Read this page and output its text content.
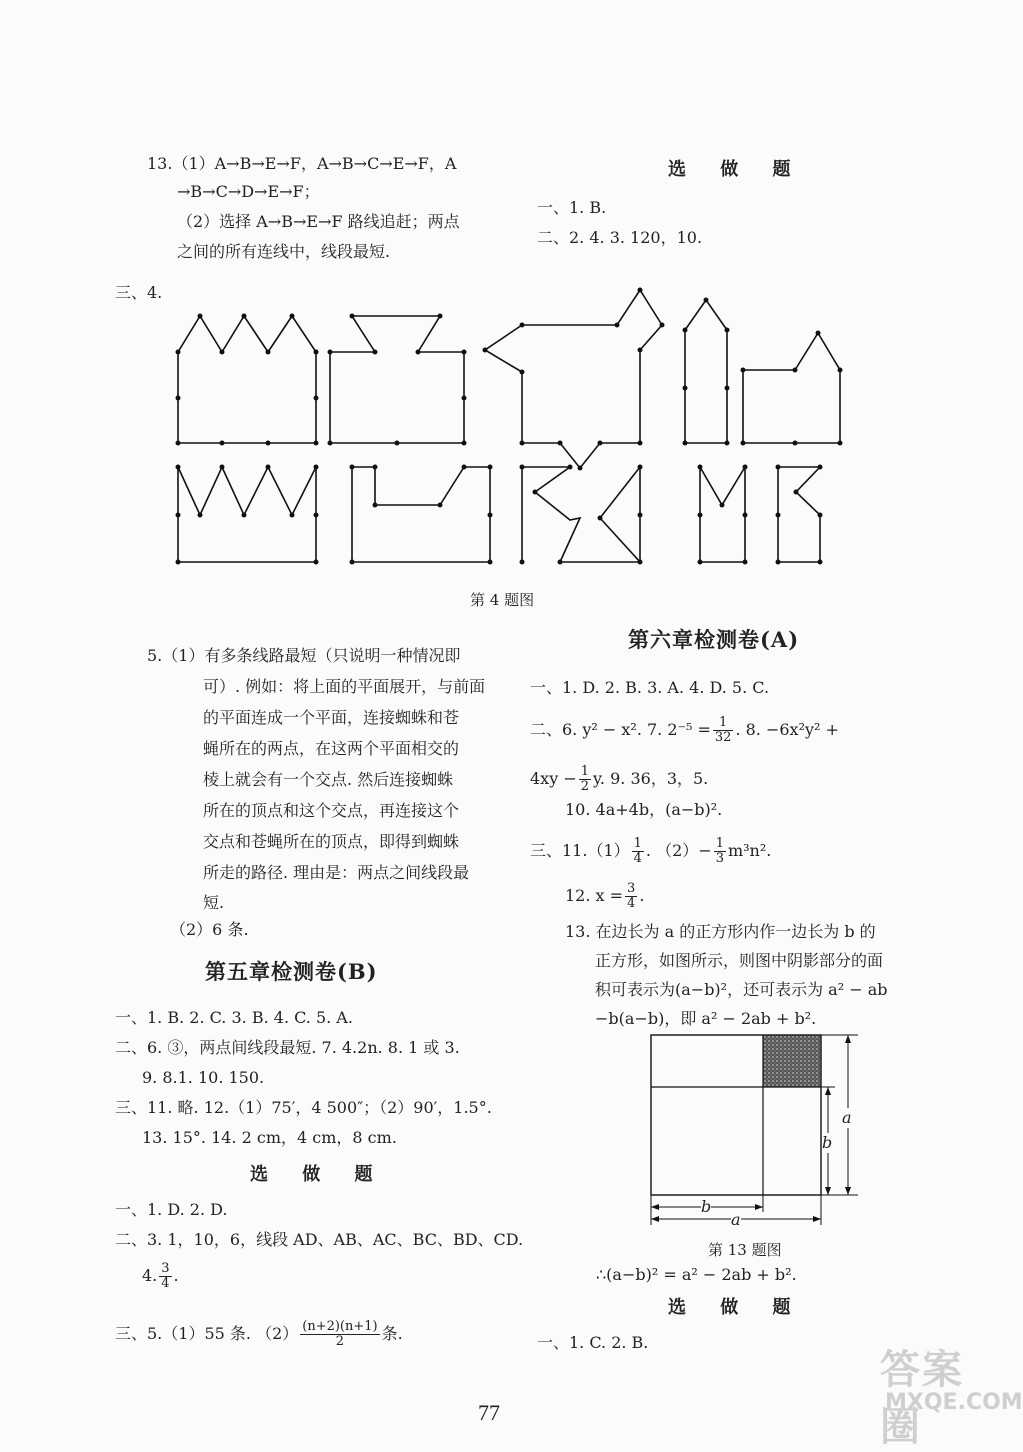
13.（1）A→B→E→F，A→B→C→E→F，A
→B→C→D→E→F；
（2）选择 A→B→E→F 路线追赶；两点
之间的所有连线中，线段最短.
选 做 题
一、1. B.
二、2. 4. 3. 120，10.
三、4.
第 4 题图
5.（1）有多条线路最短（只说明一种情况即
可）. 例如：将上面的平面展开，与前面
的平面连成一个平面，连接蜘蛛和苍
蝇所在的两点，在这两个平面相交的
棱上就会有一个交点. 然后连接蜘蛛
所在的顶点和这个交点，再连接这个
交点和苍蝇所在的顶点，即得到蜘蛛
所走的路径. 理由是：两点之间线段最
短.
（2）6 条.
第五章检测卷(B)
一、1. B. 2. C. 3. B. 4. C. 5. A.
二、6. ③，两点间线段最短. 7. 4.2n. 8. 1 或 3.
9. 8.1. 10. 150.
三、11. 略. 12.（1）75′，4 500″；（2）90′，1.5°.
13. 15°. 14. 2 cm，4 cm，8 cm.
选 做 题
一、1. D. 2. D.
二、3. 1，10，6，线段 AD、AB、AC、BC、BD、CD.
4. $\frac{3}{4}$ .
三、5.（1）55 条. $(2) \frac{(n+2)(n+1)}{2}$ 条.
第六章检测卷(A)
一、1. D. 2. B. 3. A. 4. D. 5. C.
二、6. y² − x². 7. $2^{-5} = \frac{1}{32}$ . 8. −6x²y² +
$4xy - \frac{1}{2} y$. 9. 36，3，5.
10. 4a+4b，(a−b)².
三、$11.(1) \frac{1}{4}$ . $(2)- \frac{1}{3} m^3n^2$.
12. $x = \frac{3}{4}$ .
13. 在边长为 a 的正方形内作一边长为 b 的
正方形，如图所示，则图中阴影部分的面
积可表示为(a−b)²，还可表示为 a² − ab
−b(a−b)，即 a² − 2ab + b².
a
b
b
a
第 13 题图
∴(a−b)² = a² − 2ab + b².
选 做 题
一、1. C. 2. B.
77
答案圈
MXQE.COM
